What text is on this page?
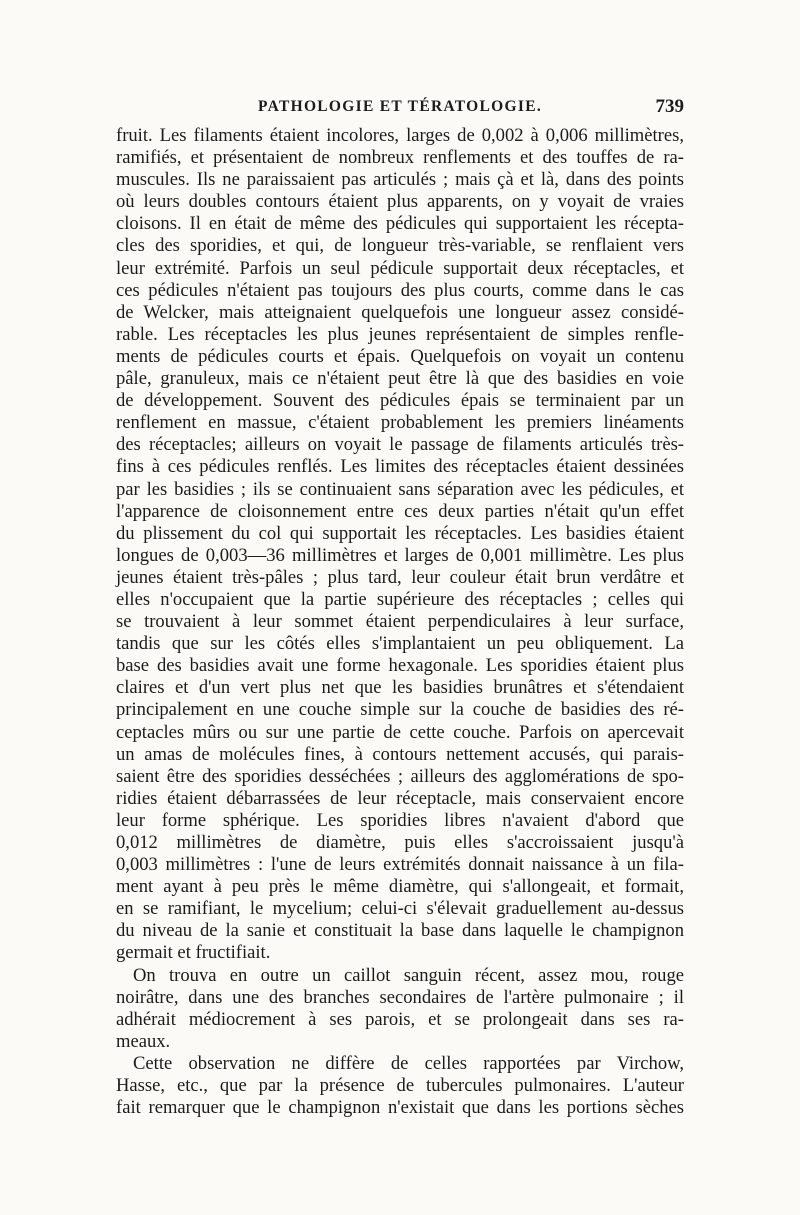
PATHOLOGIE ET TÉRATOLOGIE.	739
fruit. Les filaments étaient incolores, larges de 0,002 à 0,006 millimètres,
ramifiés, et présentaient de nombreux renflements et des touffes de ra-
muscules. Ils ne paraissaient pas articulés ; mais çà et là, dans des points
où leurs doubles contours étaient plus apparents, on y voyait de vraies
cloisons. Il en était de même des pédicules qui supportaient les récepta-
cles des sporidies, et qui, de longueur très-variable, se renflaient vers
leur extrémité. Parfois un seul pédicule supportait deux réceptacles, et
ces pédicules n'étaient pas toujours des plus courts, comme dans le cas
de Welcker, mais atteignaient quelquefois une longueur assez considé-
rable. Les réceptacles les plus jeunes représentaient de simples renfle-
ments de pédicules courts et épais. Quelquefois on voyait un contenu
pâle, granuleux, mais ce n'étaient peut être là que des basidies en voie
de développement. Souvent des pédicules épais se terminaient par un
renflement en massue, c'étaient probablement les premiers linéaments
des réceptacles; ailleurs on voyait le passage de filaments articulés très-
fins à ces pédicules renflés. Les limites des réceptacles étaient dessinées
par les basidies ; ils se continuaient sans séparation avec les pédicules, et
l'apparence de cloisonnement entre ces deux parties n'était qu'un effet
du plissement du col qui supportait les réceptacles. Les basidies étaient
longues de 0,003—36 millimètres et larges de 0,001 millimètre. Les plus
jeunes étaient très-pâles ; plus tard, leur couleur était brun verdâtre et
elles n'occupaient que la partie supérieure des réceptacles ; celles qui
se trouvaient à leur sommet étaient perpendiculaires à leur surface,
tandis que sur les côtés elles s'implantaient un peu obliquement. La
base des basidies avait une forme hexagonale. Les sporidies étaient plus
claires et d'un vert plus net que les basidies brunâtres et s'étendaient
principalement en une couche simple sur la couche de basidies des ré-
ceptacles mûrs ou sur une partie de cette couche. Parfois on apercevait
un amas de molécules fines, à contours nettement accusés, qui parais-
saient être des sporidies desséchées ; ailleurs des agglomérations de spo-
ridies étaient débarrassées de leur réceptacle, mais conservaient encore
leur forme sphérique. Les sporidies libres n'avaient d'abord que
0,012 millimètres de diamètre, puis elles s'accroissaient jusqu'à
0,003 millimètres : l'une de leurs extrémités donnait naissance à un fila-
ment ayant à peu près le même diamètre, qui s'allongeait, et formait,
en se ramifiant, le mycelium; celui-ci s'élevait graduellement au-dessus
du niveau de la sanie et constituait la base dans laquelle le champignon
germait et fructifiait.
On trouva en outre un caillot sanguin récent, assez mou, rouge
noirâtre, dans une des branches secondaires de l'artère pulmonaire ; il
adhérait médiocrement à ses parois, et se prolongeait dans ses ra-
meaux.
Cette observation ne diffère de celles rapportées par Virchow,
Hasse, etc., que par la présence de tubercules pulmonaires. L'auteur
fait remarquer que le champignon n'existait que dans les portions sèches
